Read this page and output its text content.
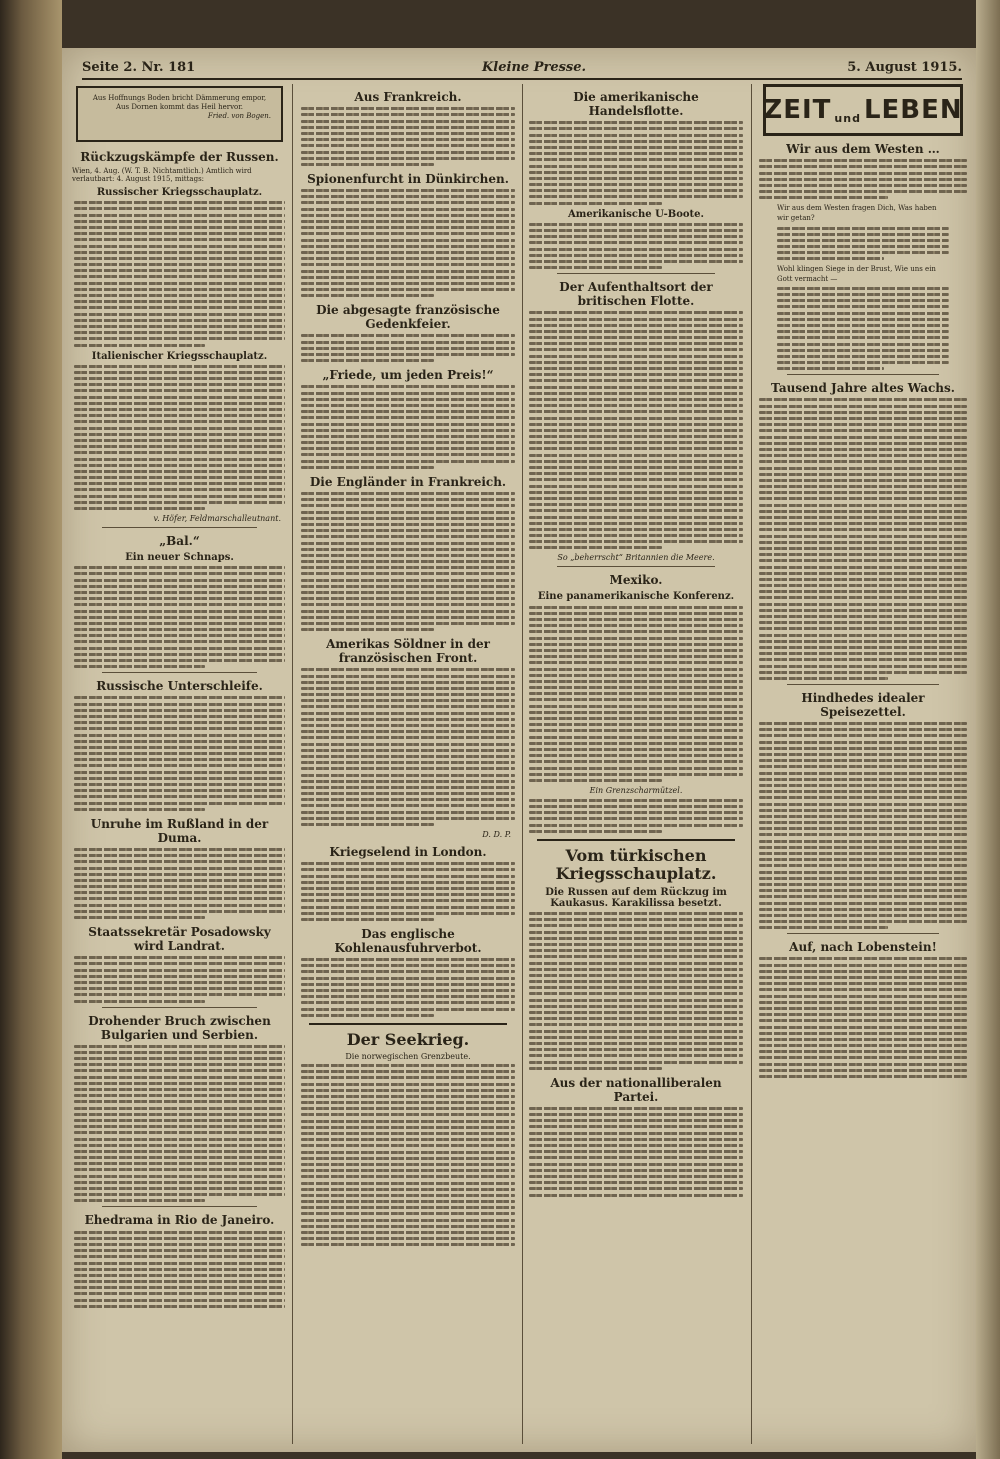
Seite 2. Nr. 181	Kleine Presse.	5. August 1915.
Aus Hoffnungs Boden bricht Dämmerung empor,
Aus Dornen kommt das Heil hervor.
Fried. von Bogen.
Rückzugskämpfe der Russen.
Wien, 4. Aug. (W. T. B. Nichtamtlich.) Amtlich wird verlautbart: 4. August 1915, mittags:
Russischer Kriegsschauplatz.
Italienischer Kriegsschauplatz.
v. Höfer, Feldmarschalleutnant.
„Bal.“
Ein neuer Schnaps.
Russische Unterschleife.
Unruhe im Rußland in der Duma.
Staatssekretär Posadowsky wird Landrat.
Drohender Bruch zwischen Bulgarien und Serbien.
Ehedrama in Rio de Janeiro.
Aus Frankreich.
Spionenfurcht in Dünkirchen.
Die abgesagte französische Gedenkfeier.
„Friede, um jeden Preis!“
Die Engländer in Frankreich.
Amerikas Söldner in der französischen Front.
D. D. P.
Kriegselend in London.
Das englische Kohlenausfuhrverbot.
Der Seekrieg.
Die norwegischen Grenzbeute.
Die amerikanische Handelsflotte.
Amerikanische U-Boote.
Der Aufenthaltsort der britischen Flotte.
So „beherrscht“ Britannien die Meere.
Mexiko.
Eine panamerikanische Konferenz.
Ein Grenzscharmützel.
Vom türkischen Kriegsschauplatz.
Die Russen auf dem Rückzug im Kaukasus. Karakilissa besetzt.
Aus der nationalliberalen Partei.
ZEIT und LEBEN
Wir aus dem Westen …
Wir aus dem Westen fragen Dich, Was haben wir getan?
Wohl klingen Siege in der Brust, Wie uns ein Gott vermacht —
Tausend Jahre altes Wachs.
Hindhedes idealer Speisezettel.
Auf, nach Lobenstein!
